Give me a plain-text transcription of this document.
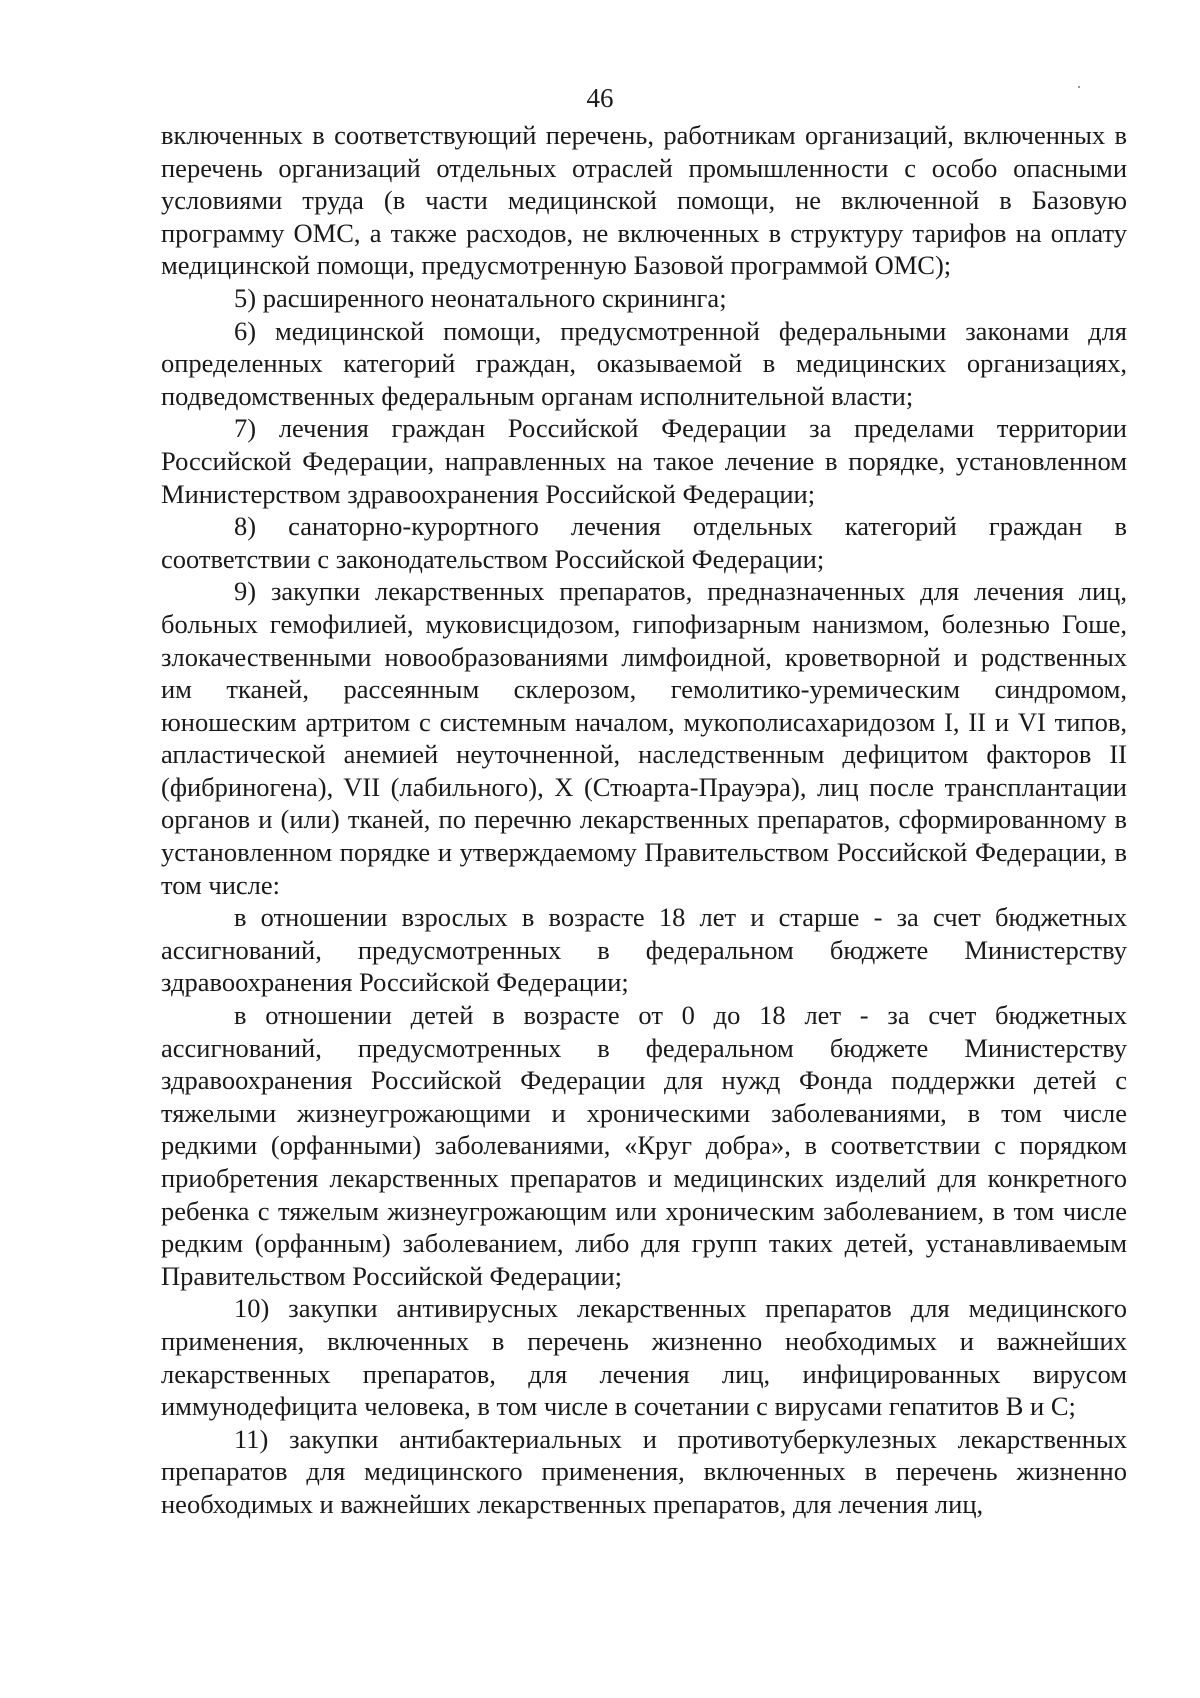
46

включенных в соответствующий перечень, работникам организаций, включенных в перечень организаций отдельных отраслей промышленности с особо опасными условиями труда (в части медицинской помощи, не включенной в Базовую программу ОМС, а также расходов, не включенных в структуру тарифов на оплату медицинской помощи, предусмотренную Базовой программой ОМС);

5) расширенного неонатального скрининга;

6) медицинской помощи, предусмотренной федеральными законами для определенных категорий граждан, оказываемой в медицинских организациях, подведомственных федеральным органам исполнительной власти;

7) лечения граждан Российской Федерации за пределами территории Российской Федерации, направленных на такое лечение в порядке, установленном Министерством здравоохранения Российской Федерации;

8) санаторно-курортного лечения отдельных категорий граждан в соответствии с законодательством Российской Федерации;

9) закупки лекарственных препаратов, предназначенных для лечения лиц, больных гемофилией, муковисцидозом, гипофизарным нанизмом, болезнью Гоше, злокачественными новообразованиями лимфоидной, кроветворной и родственных им тканей, рассеянным склерозом, гемолитико-уремическим синдромом, юношеским артритом с системным началом, мукополисахаридозом I, II и VI типов, апластической анемией неуточненной, наследственным дефицитом факторов II (фибриногена), VII (лабильного), X (Стюарта-Прауэра), лиц после трансплантации органов и (или) тканей, по перечню лекарственных препаратов, сформированному в установленном порядке и утверждаемому Правительством Российской Федерации, в том числе:

в отношении взрослых в возрасте 18 лет и старше - за счет бюджетных ассигнований, предусмотренных в федеральном бюджете Министерству здравоохранения Российской Федерации;

в отношении детей в возрасте от 0 до 18 лет - за счет бюджетных ассигнований, предусмотренных в федеральном бюджете Министерству здравоохранения Российской Федерации для нужд Фонда поддержки детей с тяжелыми жизнеугрожающими и хроническими заболеваниями, в том числе редкими (орфанными) заболеваниями, «Круг добра», в соответствии с порядком приобретения лекарственных препаратов и медицинских изделий для конкретного ребенка с тяжелым жизнеугрожающим или хроническим заболеванием, в том числе редким (орфанным) заболеванием, либо для групп таких детей, устанавливаемым Правительством Российской Федерации;

10) закупки антивирусных лекарственных препаратов для медицинского применения, включенных в перечень жизненно необходимых и важнейших лекарственных препаратов, для лечения лиц, инфицированных вирусом иммунодефицита человека, в том числе в сочетании с вирусами гепатитов B и C;

11) закупки антибактериальных и противотуберкулезных лекарственных препаратов для медицинского применения, включенных в перечень жизненно необходимых и важнейших лекарственных препаратов, для лечения лиц,
